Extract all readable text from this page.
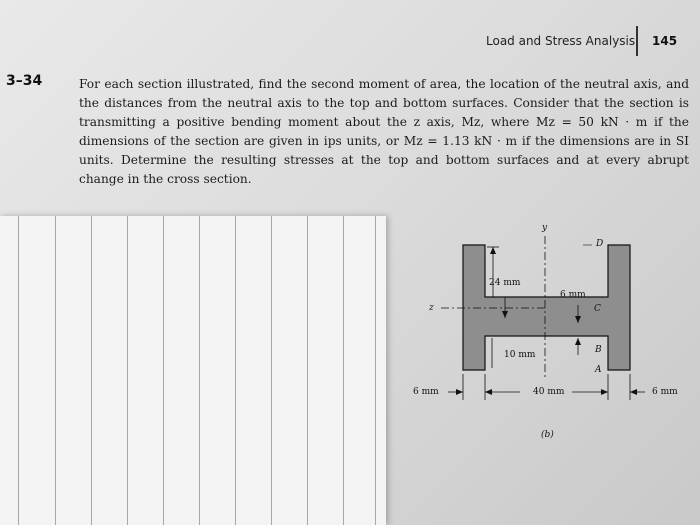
Load and Stress Analysis 145
3–34	For each section illustrated, find the second moment of area, the location of the neutral axis, and the distances from the neutral axis to the top and bottom surfaces. Consider that the section is transmitting a positive bending moment about the z axis, Mz, where Mz = 50 kN · m if the dimensions of the section are given in ips units, or Mz = 1.13 kN · m if the dimensions are in SI units. Determine the resulting stresses at the top and bottom surfaces and at every abrupt change in the cross section.
y
z
24 mm
6 mm
10 mm
6 mm	40 mm	6 mm
D
C
B
A
(b)
